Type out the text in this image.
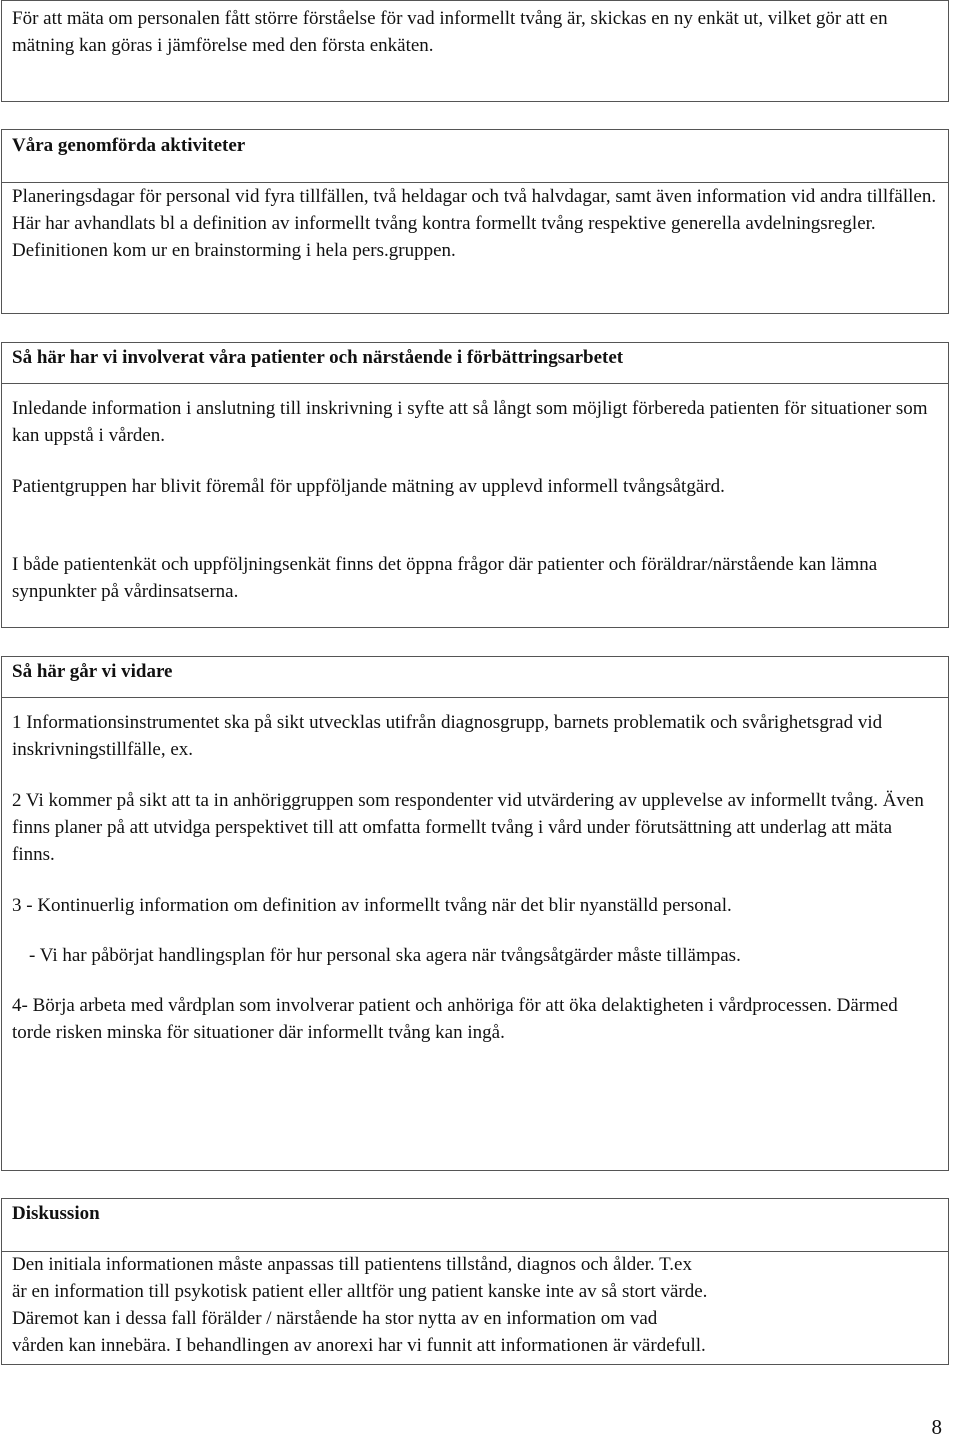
För att mäta om personalen fått större förståelse för vad informellt tvång är, skickas en ny enkät ut, vilket gör att en mätning kan göras i jämförelse med den första enkäten.

Våra genomförda aktiviteter

Planeringsdagar för personal vid fyra tillfällen, två heldagar och två halvdagar, samt även information vid andra tillfällen. Här har avhandlats bl a definition av informellt tvång kontra formellt tvång respektive generella avdelningsregler. Definitionen kom ur en brainstorming i hela pers.gruppen.

Så här har vi involverat våra patienter och närstående i förbättringsarbetet

Inledande information i anslutning till inskrivning i syfte att så långt som möjligt förbereda patienten för situationer som kan uppstå i vården.

Patientgruppen har blivit föremål för uppföljande mätning av upplevd informell tvångsåtgärd.

I både patientenkät och uppföljningsenkät finns det öppna frågor där patienter och föräldrar/närstående kan lämna synpunkter på vårdinsatserna.

Så här går vi vidare

1 Informationsinstrumentet ska på sikt utvecklas utifrån diagnosgrupp, barnets problematik och svårighetsgrad vid inskrivningstillfälle, ex.

2 Vi kommer på sikt att ta in anhöriggruppen som respondenter vid utvärdering av upplevelse av informellt tvång. Även finns planer på att utvidga perspektivet till att omfatta formellt tvång i vård under förutsättning att underlag att mäta finns.

3 - Kontinuerlig information om definition av informellt tvång när det blir nyanställd personal.

- Vi har påbörjat handlingsplan för hur personal ska agera när tvångsåtgärder måste tillämpas.

4- Börja arbeta med vårdplan som involverar patient och anhöriga för att öka delaktigheten i vårdprocessen. Därmed torde risken minska för situationer där informellt tvång kan ingå.

Diskussion

Den initiala informationen måste anpassas till patientens tillstånd, diagnos och ålder. T.ex

är en information till psykotisk patient eller alltför ung patient kanske inte av så stort värde.

Däremot kan i dessa fall förälder / närstående ha stor nytta av en information om vad

vården kan innebära. I behandlingen av anorexi har vi funnit att informationen är värdefull.

8
